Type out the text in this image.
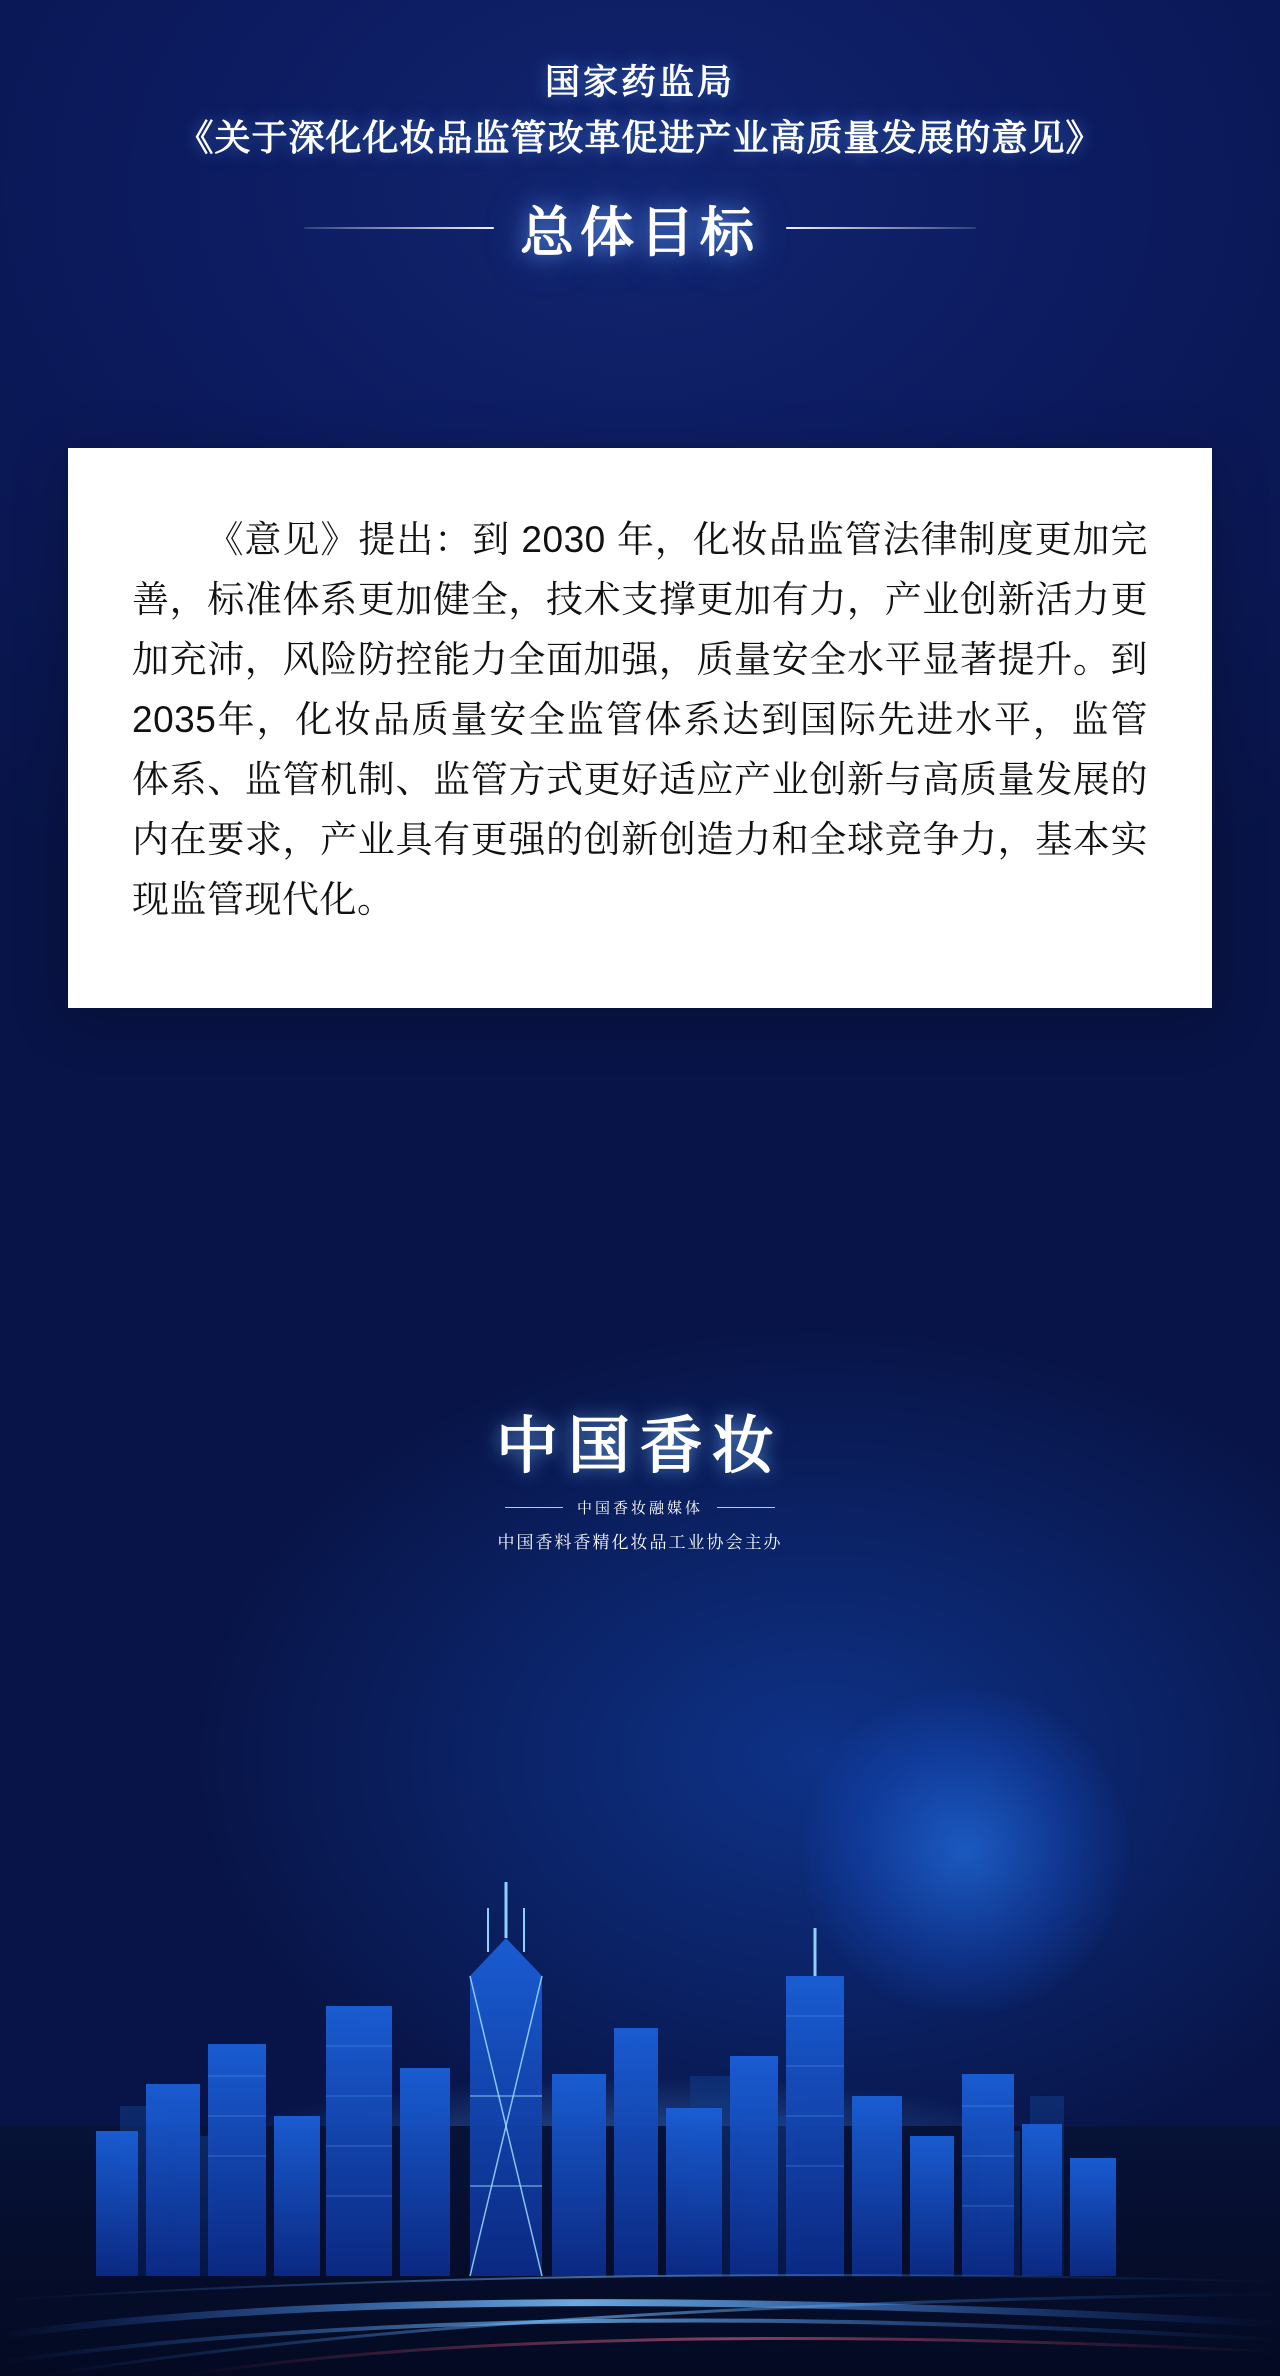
国家药监局
《关于深化化妆品监管改革促进产业高质量发展的意见》
总体目标
《意见》提出：到 2030 年，化妆品监管法律制度更加完善，标准体系更加健全，技术支撑更加有力，产业创新活力更加充沛，风险防控能力全面加强，质量安全水平显著提升。到2035年，化妆品质量安全监管体系达到国际先进水平，监管体系、监管机制、监管方式更好适应产业创新与高质量发展的内在要求，产业具有更强的创新创造力和全球竞争力，基本实现监管现代化。
中国香妆
中国香妆融媒体
中国香料香精化妆品工业协会主办
